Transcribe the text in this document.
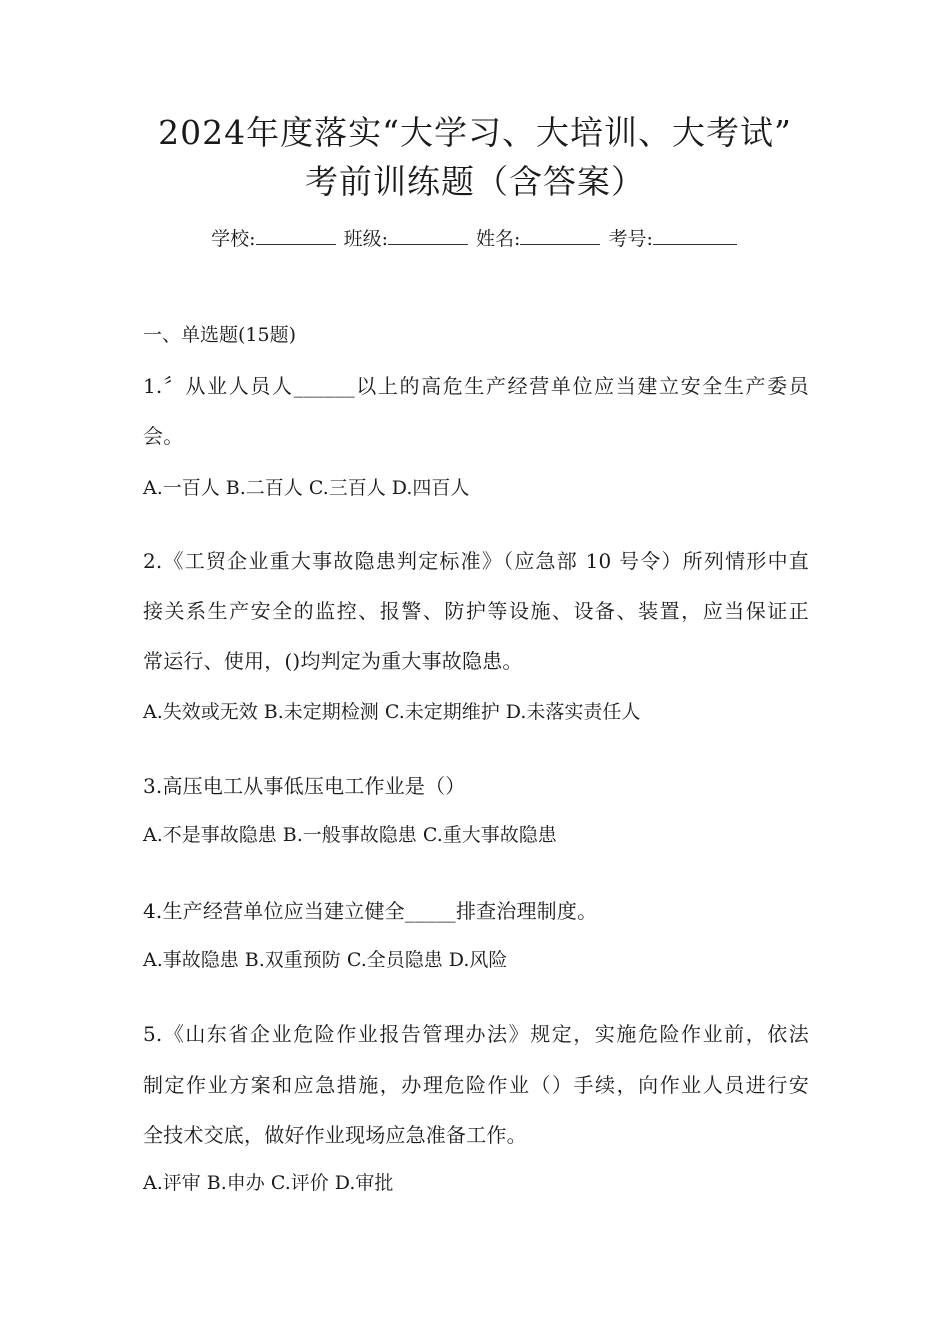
2024年度落实“大学习、大培训、大考试”
考前训练题（含答案）
学校:	班级:	姓名:	考号:
一、单选题(15题)
1.〞从业人员人______以上的高危生产经营单位应当建立安全生产委员
会。
A.一百人 B.二百人 C.三百人 D.四百人
2.《工贸企业重大事故隐患判定标准》（应急部 10 号令）所列情形中直
接关系生产安全的监控、报警、防护等设施、设备、装置，应当保证正
常运行、使用，()均判定为重大事故隐患。
A.失效或无效 B.未定期检测 C.未定期维护 D.未落实责任人
3.高压电工从事低压电工作业是（）
A.不是事故隐患 B.一般事故隐患 C.重大事故隐患
4.生产经营单位应当建立健全_____排查治理制度。
A.事故隐患 B.双重预防 C.全员隐患 D.风险
5.《山东省企业危险作业报告管理办法》规定，实施危险作业前，依法
制定作业方案和应急措施，办理危险作业（）手续，向作业人员进行安
全技术交底，做好作业现场应急准备工作。
A.评审 B.申办 C.评价 D.审批
